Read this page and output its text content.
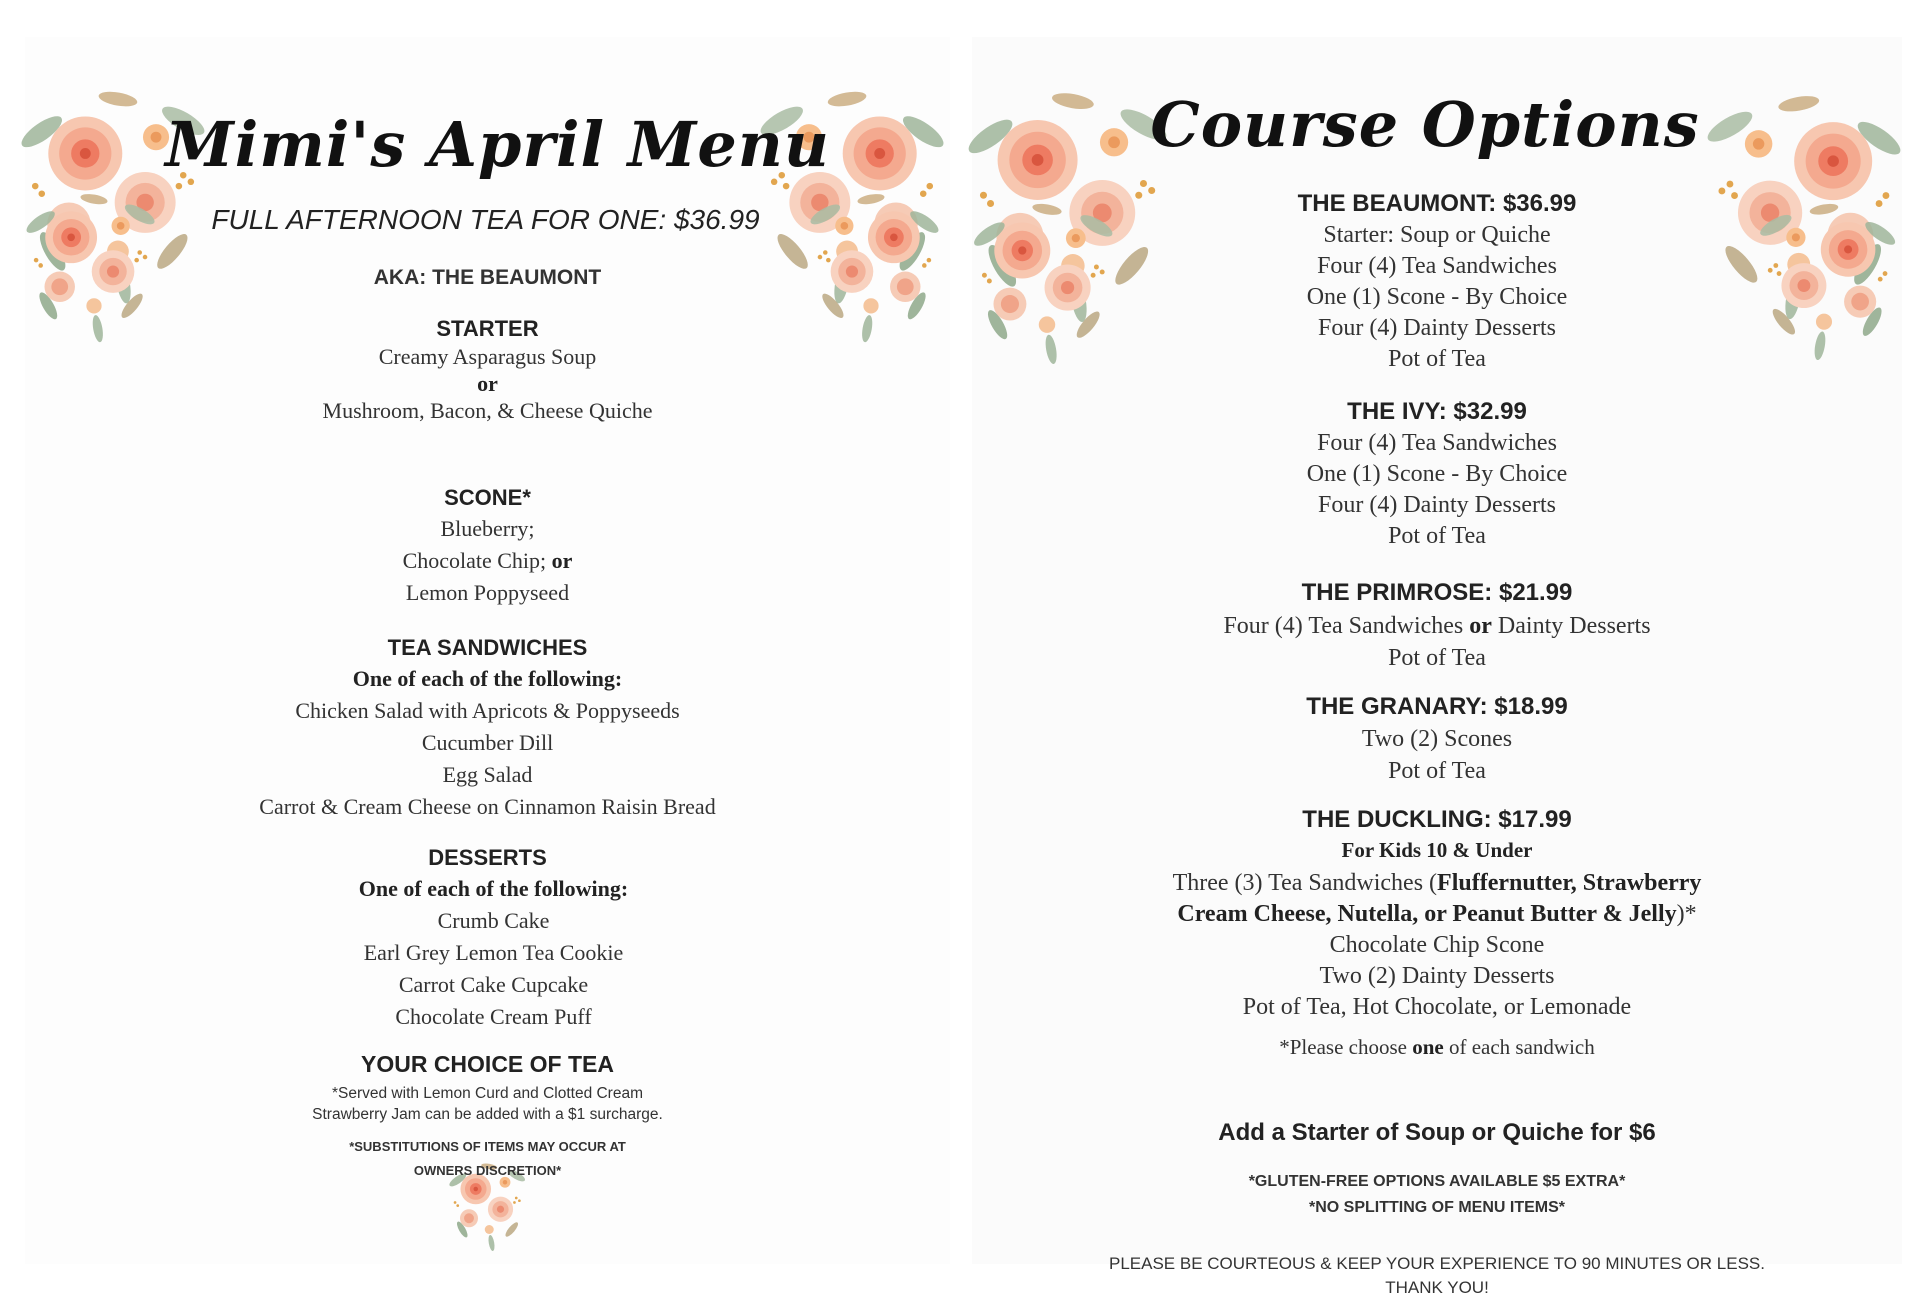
Mimi's April Menu
FULL AFTERNOON TEA FOR ONE: $36.99
AKA: THE BEAUMONT
STARTER
Creamy Asparagus Soup
or
Mushroom, Bacon, & Cheese Quiche
SCONE*
Blueberry;
Chocolate Chip; or
Lemon Poppyseed
TEA SANDWICHES
One of each of the following:
Chicken Salad with Apricots & Poppyseeds
Cucumber Dill
Egg Salad
Carrot & Cream Cheese on Cinnamon Raisin Bread
DESSERTS
One of each of the following:
Crumb Cake
Earl Grey Lemon Tea Cookie
Carrot Cake Cupcake
Chocolate Cream Puff
YOUR CHOICE OF TEA
*Served with Lemon Curd and Clotted Cream
Strawberry Jam can be added with a $1 surcharge.
*SUBSTITUTIONS OF ITEMS MAY OCCUR AT
OWNERS DISCRETION*
Course Options
THE BEAUMONT: $36.99
Starter: Soup or Quiche
Four (4) Tea Sandwiches
One (1) Scone - By Choice
Four (4) Dainty Desserts
Pot of Tea
THE IVY: $32.99
Four (4) Tea Sandwiches
One (1) Scone - By Choice
Four (4) Dainty Desserts
Pot of Tea
THE PRIMROSE: $21.99
Four (4) Tea Sandwiches or Dainty Desserts
Pot of Tea
THE GRANARY: $18.99
Two (2) Scones
Pot of Tea
THE DUCKLING: $17.99
For Kids 10 & Under
Three (3) Tea Sandwiches (Fluffernutter, Strawberry
Cream Cheese, Nutella, or Peanut Butter & Jelly)*
Chocolate Chip Scone
Two (2) Dainty Desserts
Pot of Tea, Hot Chocolate, or Lemonade
*Please choose one of each sandwich
Add a Starter of Soup or Quiche for $6
*GLUTEN-FREE OPTIONS AVAILABLE $5 EXTRA*
*NO SPLITTING OF MENU ITEMS*
PLEASE BE COURTEOUS & KEEP YOUR EXPERIENCE TO 90 MINUTES OR LESS.
THANK YOU!
